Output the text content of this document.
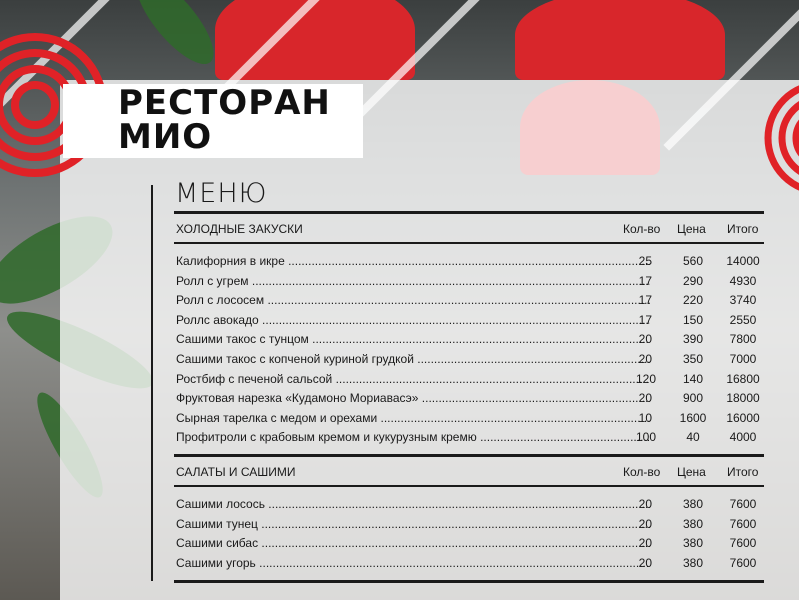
РЕСТОРАН
МИО
МЕНЮ
ХОЛОДНЫЕ ЗАКУСКИ	Кол-во Цена Итого
Калифорния в икре .....	25	560	14000
Ролл с угрем .....	17	290	4930
Ролл с лососем .....	17	220	3740
Роллс авокадо .....	17	150	2550
Сашими такос с тунцом .....	20	390	7800
Сашими такос с копченой куриной грудкой .....	20	350	7000
Ростбиф с печеной сальсой .....	120	140	16800
Фруктовая нарезка «Кудамоно Мориавасэ» .....	20	900	18000
Сырная тарелка с медом и орехами .....	10	1600	16000
Профитроли с крабовым кремом и кукурузным кремю .....	100	40	4000
САЛАТЫ И САШИМИ	Кол-во Цена Итого
Сашими лосось .....	20	380	7600
Сашими тунец .....	20	380	7600
Сашими сибас .....	20	380	7600
Сашими угорь .....	20	380	7600
